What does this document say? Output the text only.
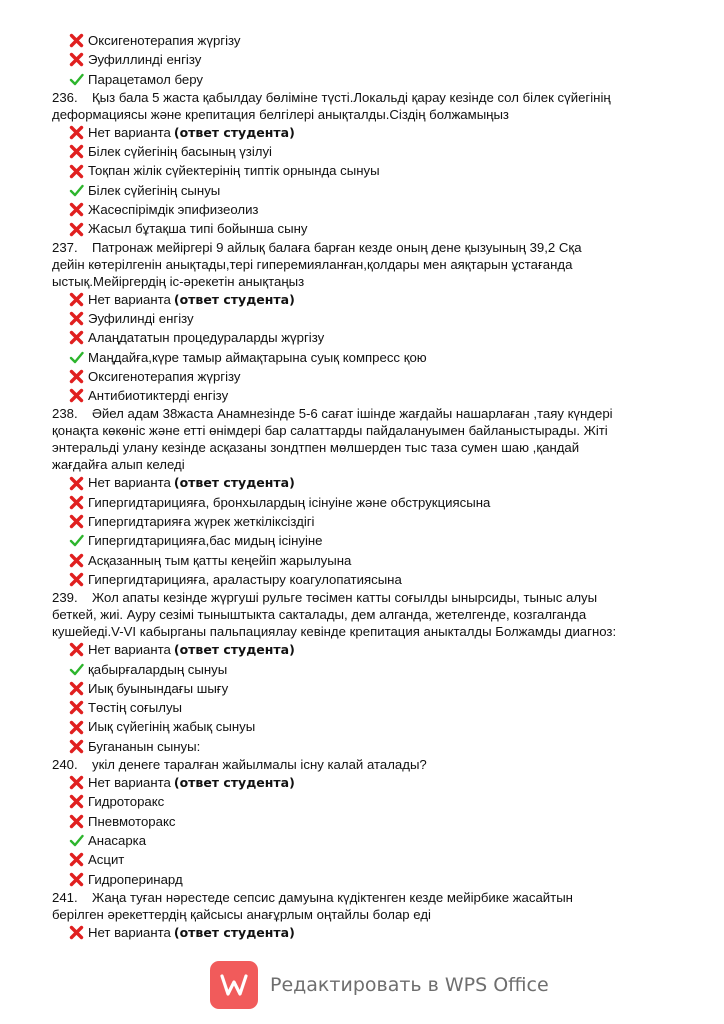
Оксигенотерапия жүргізу
Эуфиллинді енгізу
Парацетамол беру
236. Қыз бала 5 жаста қабылдау бөліміне түсті.Локальді қарау кезінде сол білек сүйегінің
деформациясы және крепитация белгілері анықталды.Сіздің болжамыңыз
Нет варианта (ответ студента)
Білек сүйегінің басының үзілуі
Тоқпан жілік сүйектерінің типтік орнында сынуы
Білек сүйегінің сынуы
Жасөспірімдік эпифизеолиз
Жасыл бұтақша типі бойынша сыну
237. Патронаж мейіргері 9 айлық балаға барған кезде оның дене қызуының 39,2 Сқа
дейін көтерілгенін анықтады,тері гиперемияланған,қолдары мен аяқтарын ұстағанда
ыстық.Мейіргердің іс-әрекетін анықтаңыз
Нет варианта (ответ студента)
Эуфилинді енгізу
Алаңдататын процедураларды жүргізу
Маңдайға,күре тамыр аймақтарына суық компресс қою
Оксигенотерапия жүргізу
Антибиотиктерді енгізу
238. Әйел адам 38жаста Анамнезінде 5-6 сағат ішінде жағдайы нашарлаған ,таяу күндері
қонақта көкөніс және етті өнімдері бар салаттарды пайдалануымен байланыстырады. Жіті
энтеральді улану кезінде асқазаны зондтпен мөлшерден тыс таза сумен шаю ,қандай
жағдайға алып келеді
Нет варианта (ответ студента)
Гипергидтарицияға, бронхылардың ісінуіне және обструкциясына
Гипергидтарияға жүрек жеткіліксіздігі
Гипергидтарицияға,бас мидың ісінуіне
Асқазанның тым қатты кеңейіп жарылуына
Гипергидтарицияға, араластыру коагулопатиясына
239. Жол апаты кезінде жүргуші рульге төсімен катты соғылды ынырсиды, тыныс алуы
беткей, жиі. Ауру сезімі тыныштыкта сакталады, дем алганда, жетелгенде, козгалганда
кушейеді.V-VI кабырганы пальпациялау кевінде крепитация аныкталды Болжамды диагноз:
Нет варианта (ответ студента)
қабырғалардың сынуы
Иық буынындағы шығу
Төстің соғылуы
Иық сүйегінің жабық сынуы
Бугананын сынуы:
240. укіл денеге таралған жайылмалы існу калай аталады?
Нет варианта (ответ студента)
Гидроторакс
Пневмоторакс
Анасарка
Асцит
Гидроперинард
241. Жаңа туған нәрестеде сепсис дамуына күдіктенген кезде мейірбике жасайтын
берілген әрекеттердің қайсысы анағұрлым оңтайлы болар еді
Нет варианта (ответ студента)
Редактировать в WPS Office
